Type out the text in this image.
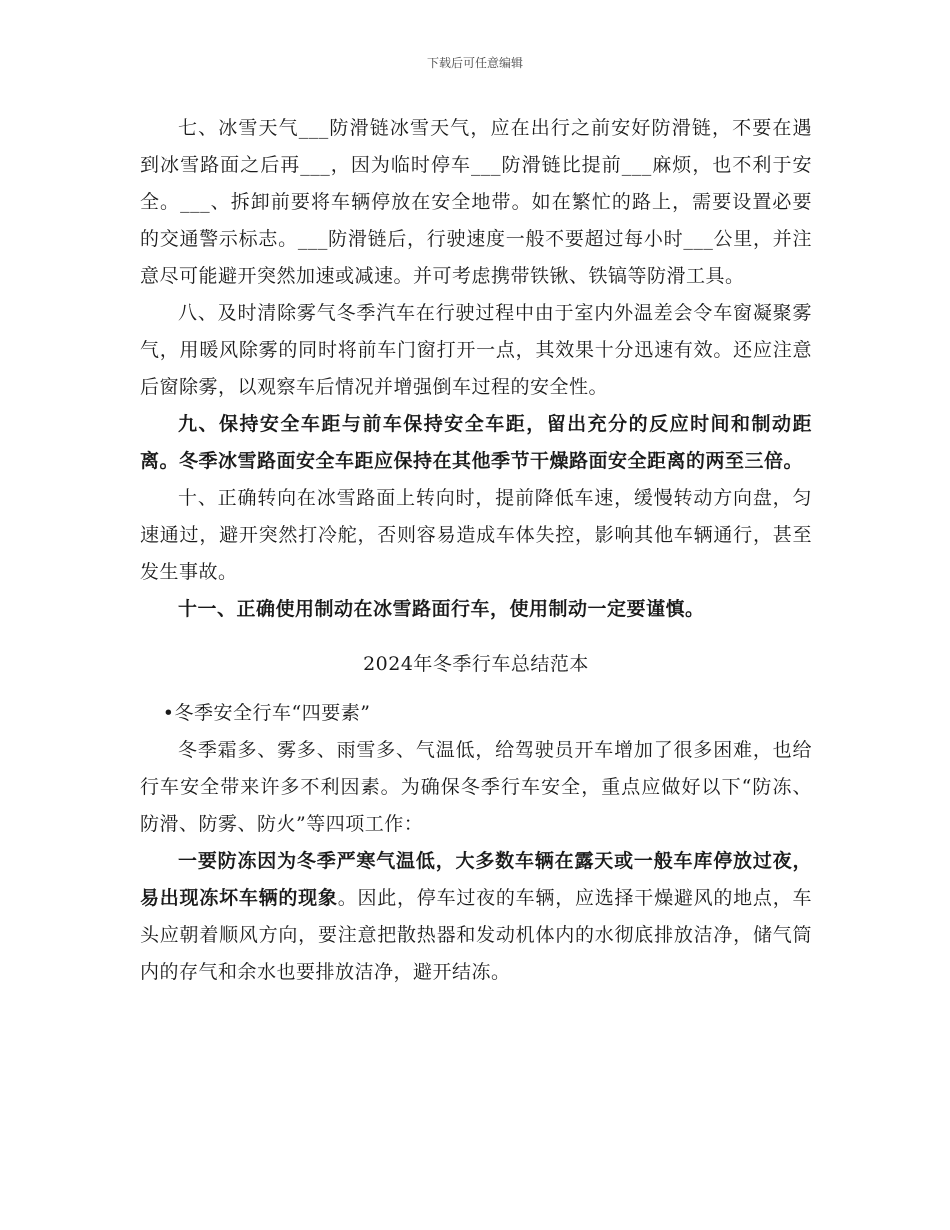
下载后可任意编辑

七、冰雪天气___防滑链冰雪天气，应在出行之前安好防滑链，不要在遇到冰雪路面之后再___，因为临时停车___防滑链比提前___麻烦，也不利于安全。___、拆卸前要将车辆停放在安全地带。如在繁忙的路上，需要设置必要的交通警示标志。___防滑链后，行驶速度一般不要超过每小时___公里，并注意尽可能避开突然加速或减速。并可考虑携带铁锹、铁镐等防滑工具。

八、及时清除雾气冬季汽车在行驶过程中由于室内外温差会令车窗凝聚雾气，用暖风除雾的同时将前车门窗打开一点，其效果十分迅速有效。还应注意后窗除雾，以观察车后情况并增强倒车过程的安全性。

九、保持安全车距与前车保持安全车距，留出充分的反应时间和制动距离。冬季冰雪路面安全车距应保持在其他季节干燥路面安全距离的两至三倍。

十、正确转向在冰雪路面上转向时，提前降低车速，缓慢转动方向盘，匀速通过，避开突然打冷舵，否则容易造成车体失控，影响其他车辆通行，甚至发生事故。

十一、正确使用制动在冰雪路面行车，使用制动一定要谨慎。

2024年冬季行车总结范本

•冬季安全行车“四要素”

冬季霜多、雾多、雨雪多、气温低，给驾驶员开车增加了很多困难，也给行车安全带来许多不利因素。为确保冬季行车安全，重点应做好以下“防冻、防滑、防雾、防火”等四项工作：

一要防冻因为冬季严寒气温低，大多数车辆在露天或一般车库停放过夜，易出现冻坏车辆的现象。因此，停车过夜的车辆，应选择干燥避风的地点，车头应朝着顺风方向，要注意把散热器和发动机体内的水彻底排放洁净，储气筒内的存气和余水也要排放洁净，避开结冻。
